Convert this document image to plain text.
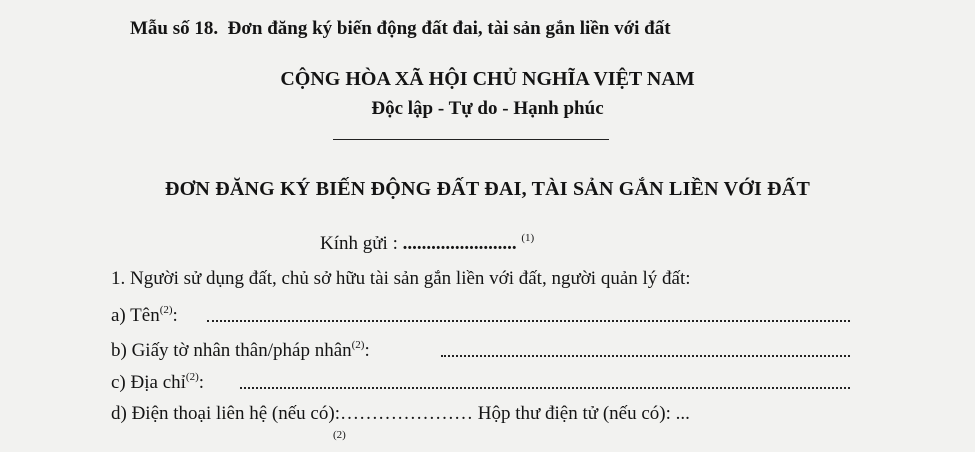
Mẫu số 18. Đơn đăng ký biến động đất đai, tài sản gắn liền với đất
CỘNG HÒA XÃ HỘI CHỦ NGHĨA VIỆT NAM
Độc lập - Tự do - Hạnh phúc
ĐƠN ĐĂNG KÝ BIẾN ĐỘNG ĐẤT ĐAI, TÀI SẢN GẮN LIỀN VỚI ĐẤT
Kính gửi : ........................ $^{(1)}$
1. Người sử dụng đất, chủ sở hữu tài sản gắn liền với đất, người quản lý đất:
a) Tên$^{(2)}$:
b) Giấy tờ nhân thân/pháp nhân$^{(2)}$:
c) Địa chỉ$^{(2)}$:
d) Điện thoại liên hệ (nếu có):………………… Hộp thư điện tử (nếu có): ...
$^{(2)}$
